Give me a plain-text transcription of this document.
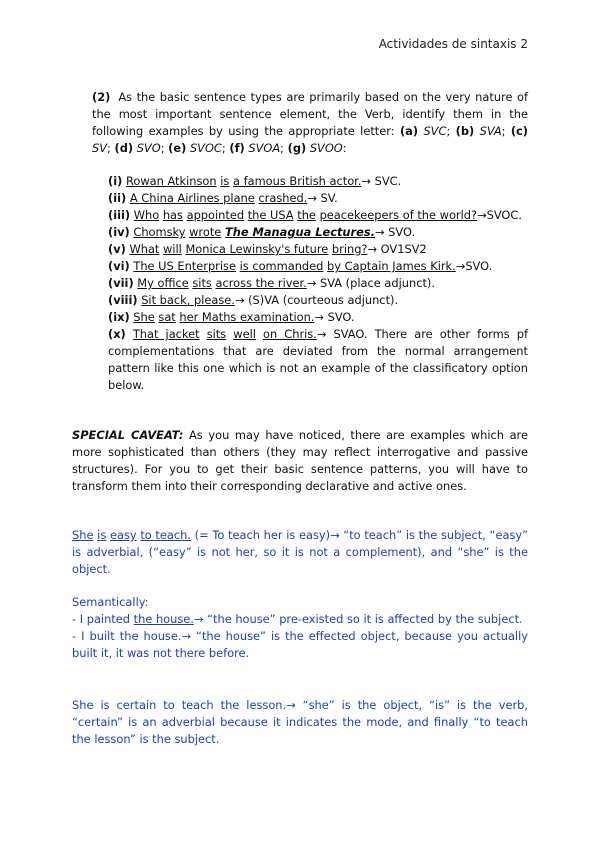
Actividades de sintaxis 2
(2) As the basic sentence types are primarily based on the very nature of the most important sentence element, the Verb, identify them in the following examples by using the appropriate letter: (a) SVC; (b) SVA; (c) SV; (d) SVO; (e) SVOC; (f) SVOA; (g) SVOO:
(i) Rowan Atkinson is a famous British actor.→ SVC.
(ii) A China Airlines plane crashed.→ SV.
(iii) Who has appointed the USA the peacekeepers of the world?→SVOC.
(iv) Chomsky wrote The Managua Lectures.→ SVO.
(v) What will Monica Lewinsky's future bring?→ OV1SV2
(vi) The US Enterprise is commanded by Captain James Kirk.→SVO.
(vii) My office sits across the river.→ SVA (place adjunct).
(viii) Sit back, please.→ (S)VA (courteous adjunct).
(ix) She sat her Maths examination.→ SVO.
(x) That jacket sits well on Chris.→ SVAO. There are other forms pf complementations that are deviated from the normal arrangement pattern like this one which is not an example of the classificatory option below.
SPECIAL CAVEAT: As you may have noticed, there are examples which are more sophisticated than others (they may reflect interrogative and passive structures). For you to get their basic sentence patterns, you will have to transform them into their corresponding declarative and active ones.
She is easy to teach. (= To teach her is easy)→ “to teach” is the subject, “easy” is adverbial, (“easy” is not her, so it is not a complement), and “she” is the object.
Semantically:
- I painted the house.→ “the house” pre-existed so it is affected by the subject.
- I built the house.→ “the house” is the effected object, because you actually built it, it was not there before.
She is certain to teach the lesson.→ “she” is the object, “is” is the verb, “certain” is an adverbial because it indicates the mode, and finally “to teach the lesson” is the subject.
